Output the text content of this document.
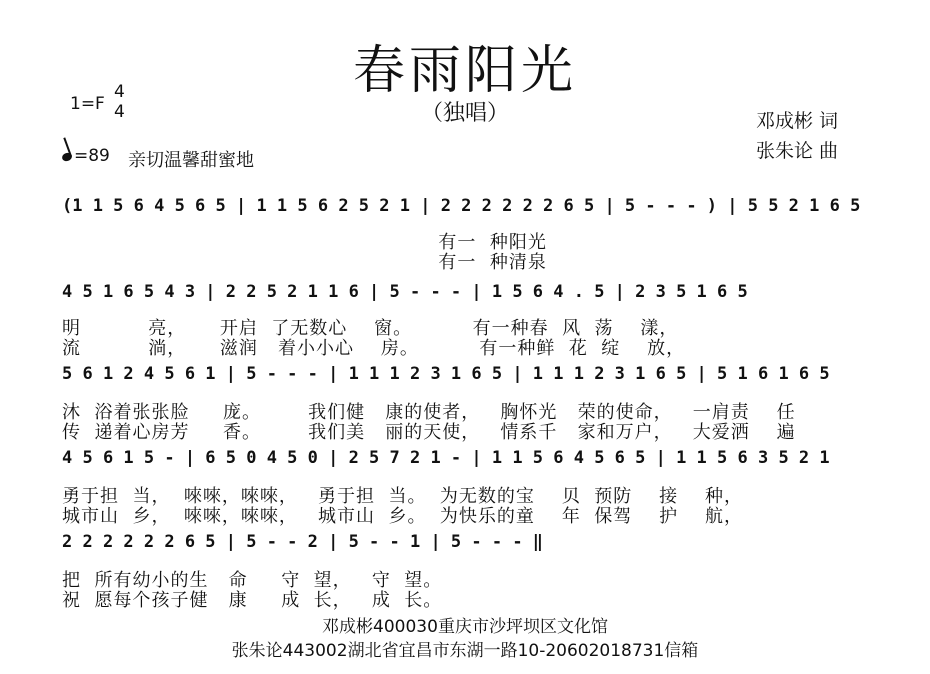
春雨阳光
（独唱）
1=F
4
4
=89 亲切温馨甜蜜地
邓成彬 词
张朱论 曲
(1 1 5 6 4 5 6 5 | 1 1 5 6 2 5 2 1 | 2 2 2 2 2 2 6 5 | 5 - - - ) | 5 5 2 1 6 5
有一  种阳光
有一  种清泉
4 5 1 6 5 4 3 | 2 2 5 2 1 1 6 | 5 - - - | 1 5 6 4 . 5 | 2 3 5 1 6 5
明          亮，     开启  了无数心    窗。         有一种春  风  荡    漾，
流          淌，     滋润   着小小心    房。         有一种鲜  花  绽    放，
5 6 1 2 4 5 6 1 | 5 - - - | 1 1 1 2 3 1 6 5 | 1 1 1 2 3 1 6 5 | 5 1 6 1 6 5
沐  浴着张张脸     庞。       我们健   康的使者，   胸怀光   荣的使命，   一肩责    任
传  递着心房芳     香。       我们美   丽的天使，   情系千   家和万户，   大爱洒    遍
4 5 6 1 5 - | 6 5 0 4 5 0 | 2 5 7 2 1 - | 1 1 5 6 4 5 6 5 | 1 1 5 6 3 5 2 1
勇于担  当，  唻唻，唻唻，   勇于担  当。  为无数的宝    贝  预防    接    种，
城市山  乡，  唻唻，唻唻，   城市山  乡。  为快乐的童    年  保驾    护    航，
2 2 2 2 2 2 6 5 | 5 - - 2 | 5 - - 1 | 5 - - - ‖
把  所有幼小的生   命     守  望，   守  望。
祝  愿每个孩子健   康     成  长，   成  长。
邓成彬400030重庆市沙坪坝区文化馆
张朱论443002湖北省宜昌市东湖一路10-20602018731信箱
